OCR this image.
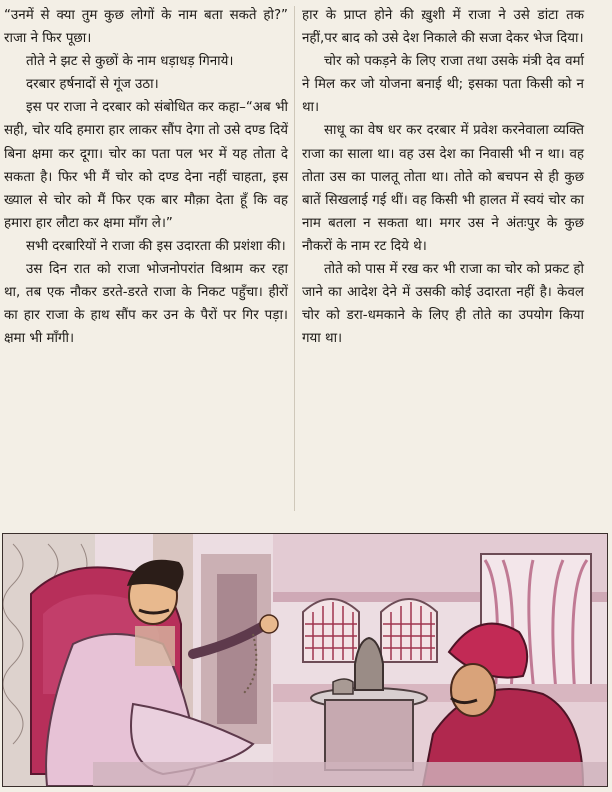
“उनमें से क्या तुम कुछ लोगों के नाम बता सकते हो?” राजा ने फिर पूछा।

तोते ने झट से कुछों के नाम धड़ाधड़ गिनाये।

दरबार हर्षनादों से गूंज उठा।

इस पर राजा ने दरबार को संबोधित कर कहा–“अब भी सही, चोर यदि हमारा हार लाकर सौंप देगा तो उसे दण्ड दियें बिना क्षमा कर दूगा। चोर का पता पल भर में यह तोता दे सकता है। फिर भी मैं चोर को दण्ड देना नहीं चाहता, इस ख्याल से चोर को मैं फिर एक बार मौक़ा देता हूँ कि वह हमारा हार लौटा कर क्षमा माँग ले।”

सभी दरबारियों ने राजा की इस उदारता की प्रशंशा की।

उस दिन रात को राजा भोजनोपरांत विश्राम कर रहा था, तब एक नौकर डरते-डरते राजा के निकट पहुँचा। हीरों का हार राजा के हाथ सौंप कर उन के पैरों पर गिर पड़ा। क्षमा भी माँगी।

हार के प्राप्त होने की ख़ुशी में राजा ने उसे डांटा तक नहीं,पर बाद को उसे देश निकाले की सजा देकर भेज दिया।

चोर को पकड़ने के लिए राजा तथा उसके मंत्री देव वर्मा ने मिल कर जो योजना बनाई थी; इसका पता किसी को न था।

साधू का वेष धर कर दरबार में प्रवेश करनेवाला व्यक्ति राजा का साला था। वह उस देश का निवासी भी न था। वह तोता उस का पालतू तोता था। तोते को बचपन से ही कुछ बातें सिखलाई गई थीं। वह किसी भी हालत में स्वयं चोर का नाम बतला न सकता था। मगर उस ने अंतःपुर के कुछ नौकरों के नाम रट दिये थे।

तोते को पास में रख कर भी राजा का चोर को प्रकट हो जाने का आदेश देने में उसकी कोई उदारता नहीं है। केवल चोर को डरा-धमकाने के लिए ही तोते का उपयोग किया गया था।
